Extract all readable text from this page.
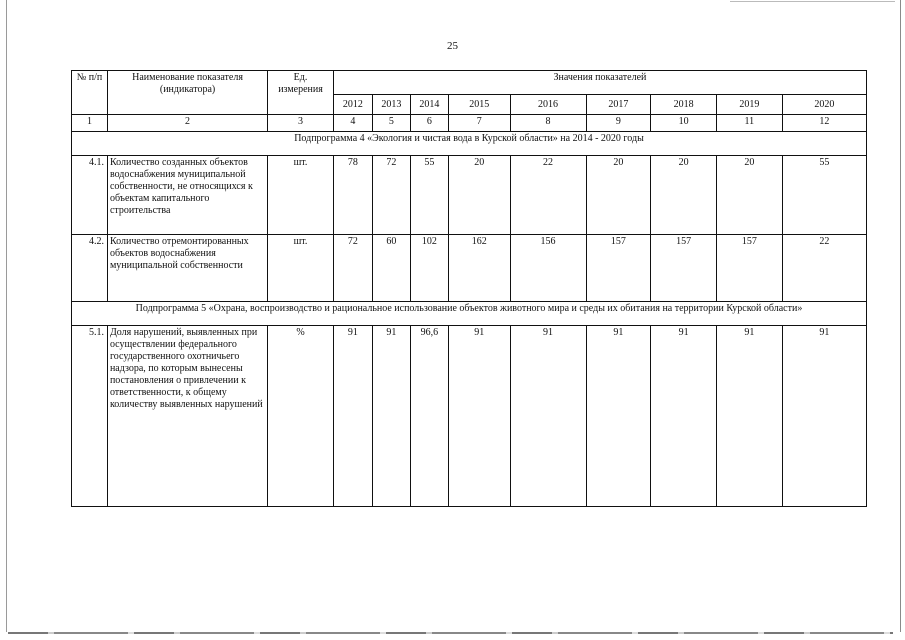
25
№ п/п	Наименование показателя (индикатора)	Ед. измерения	Значения показателей								
			2012	2013	2014	2015	2016	2017	2018	2019	2020
1	2	3	4	5	6	7	8	9	10	11	12
Подпрограмма 4 «Экология и чистая вода в Курской области» на 2014 - 2020 годы											
4.1.	Количество созданных объектов водоснабжения муниципальной собственности, не относящихся к объектам капитального строительства	шт.	78	72	55	20	22	20	20	20	55
4.2.	Количество отремонтированных объектов водоснабжения муниципальной собственности	шт.	72	60	102	162	156	157	157	157	22
Подпрограмма 5 «Охрана, воспроизводство и рациональное использование объектов животного мира и среды их обитания на территории Курской области»											
5.1.	Доля нарушений, выявленных при осуществлении федерального государственного охотничьего надзора, по которым вынесены постановления о привлечении к ответственности, к общему количеству выявленных нарушений	%	91	91	96,6	91	91	91	91	91	91
